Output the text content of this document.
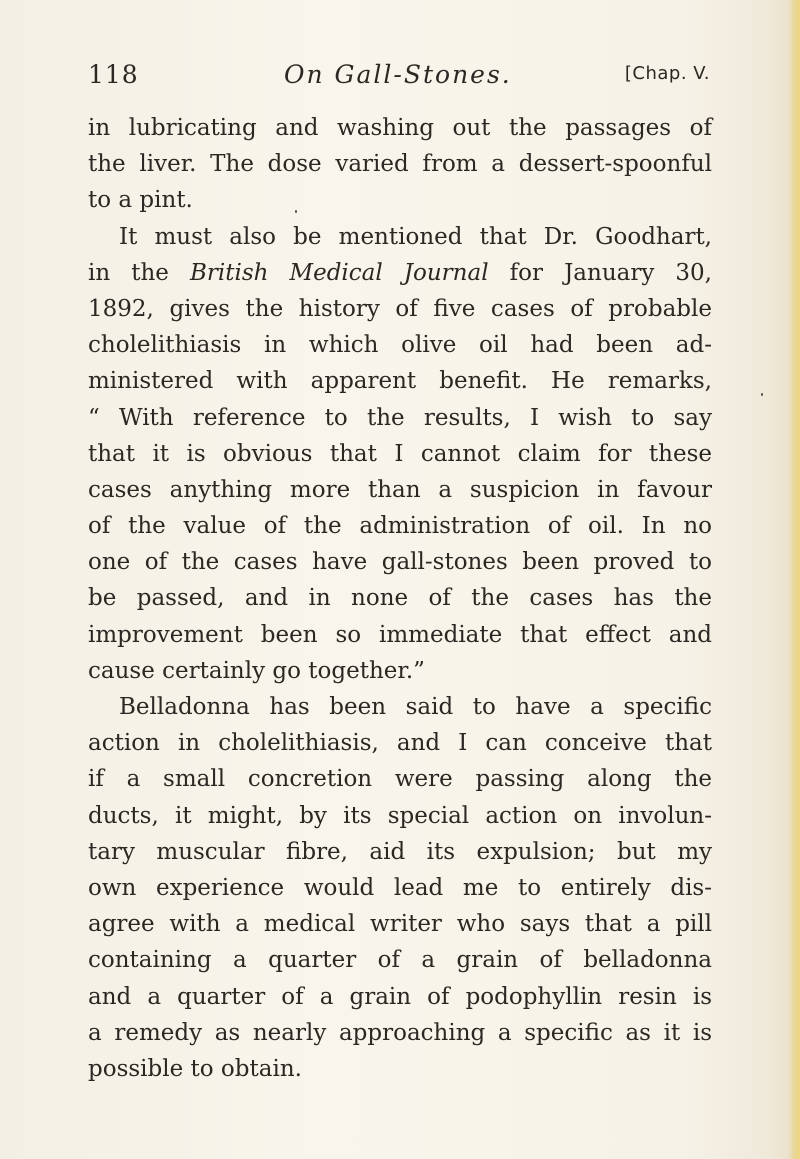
118	On Gall-Stones.	[Chap. V.
in lubricating and washing out the passages of
the liver. The dose varied from a dessert-spoonful
to a pint.
It must also be mentioned that Dr. Goodhart,
in the British Medical Journal for January 30,
1892, gives the history of five cases of probable
cholelithiasis in which olive oil had been ad-
ministered with apparent benefit. He remarks,
“ With reference to the results, I wish to say
that it is obvious that I cannot claim for these
cases anything more than a suspicion in favour
of the value of the administration of oil. In no
one of the cases have gall-stones been proved to
be passed, and in none of the cases has the
improvement been so immediate that effect and
cause certainly go together.”
Belladonna has been said to have a specific
action in cholelithiasis, and I can conceive that
if a small concretion were passing along the
ducts, it might, by its special action on involun-
tary muscular fibre, aid its expulsion; but my
own experience would lead me to entirely dis-
agree with a medical writer who says that a pill
containing a quarter of a grain of belladonna
and a quarter of a grain of podophyllin resin is
a remedy as nearly approaching a specific as it is
possible to obtain.
